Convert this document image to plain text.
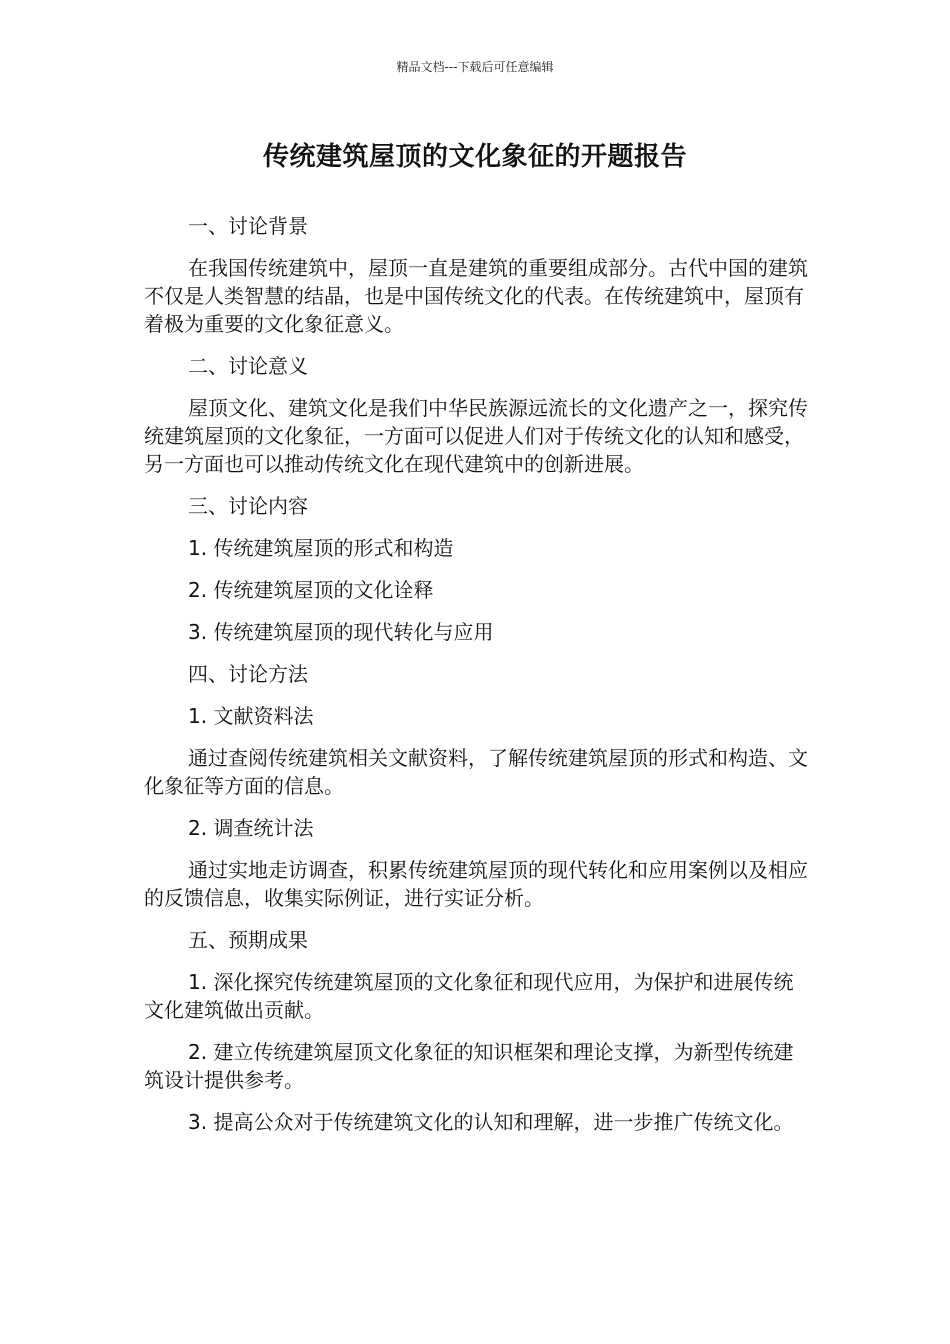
精品文档---下载后可任意编辑
传统建筑屋顶的文化象征的开题报告

一、讨论背景

在我国传统建筑中，屋顶一直是建筑的重要组成部分。古代中国的建筑不仅是人类智慧的结晶，也是中国传统文化的代表。在传统建筑中，屋顶有着极为重要的文化象征意义。

二、讨论意义

屋顶文化、建筑文化是我们中华民族源远流长的文化遗产之一，探究传统建筑屋顶的文化象征，一方面可以促进人们对于传统文化的认知和感受，另一方面也可以推动传统文化在现代建筑中的创新进展。

三、讨论内容

1. 传统建筑屋顶的形式和构造

2. 传统建筑屋顶的文化诠释

3. 传统建筑屋顶的现代转化与应用

四、讨论方法

1. 文献资料法

通过查阅传统建筑相关文献资料，了解传统建筑屋顶的形式和构造、文化象征等方面的信息。

2. 调查统计法

通过实地走访调查，积累传统建筑屋顶的现代转化和应用案例以及相应的反馈信息，收集实际例证，进行实证分析。

五、预期成果

1. 深化探究传统建筑屋顶的文化象征和现代应用，为保护和进展传统文化建筑做出贡献。

2. 建立传统建筑屋顶文化象征的知识框架和理论支撑，为新型传统建筑设计提供参考。

3. 提高公众对于传统建筑文化的认知和理解，进一步推广传统文化。
